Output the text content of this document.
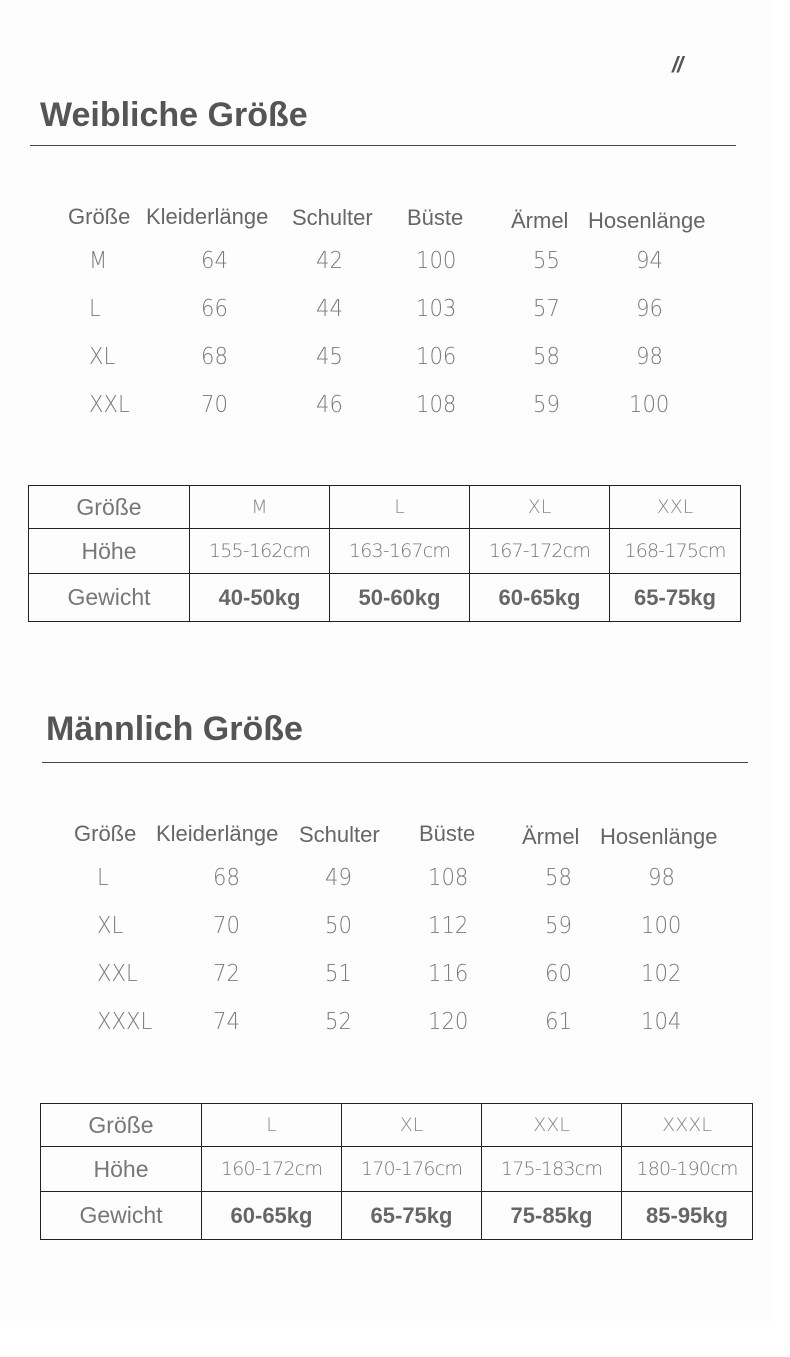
//
Weibliche Größe
Größe Kleiderlänge Schulter Büste Ärmel Hosenlänge
M	64	42	100	55	94
L	66	44	103	57	96
XL	68	45	106	58	98
XXL	70	46	108	59	100
Größe	M	L	XL	XXL
Höhe	155-162cm	163-167cm	167-172cm	168-175cm
Gewicht	40-50kg	50-60kg	60-65kg	65-75kg
Männlich Größe
Größe Kleiderlänge Schulter Büste Ärmel Hosenlänge
L	68	49	108	58	98
XL	70	50	112	59	100
XXL	72	51	116	60	102
XXXL	74	52	120	61	104
Größe	L	XL	XXL	XXXL
Höhe	160-172cm	170-176cm	175-183cm	180-190cm
Gewicht	60-65kg	65-75kg	75-85kg	85-95kg
